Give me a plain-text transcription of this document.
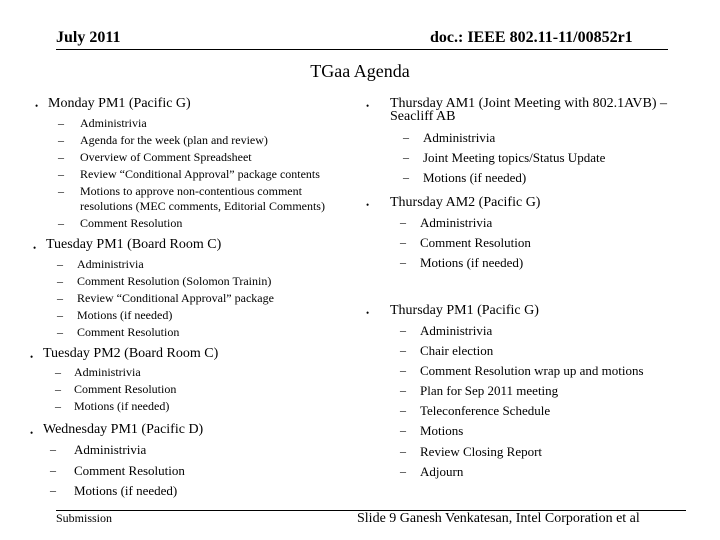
July 2011	doc.: IEEE 802.11-11/00852r1
TGaa Agenda
• Monday PM1 (Pacific G)
– Administrivia
– Agenda for the week (plan and review)
– Overview of Comment Spreadsheet
– Review “Conditional Approval” package contents
– Motions to approve non-contentious comment
resolutions (MEC comments, Editorial Comments)
– Comment Resolution
• Tuesday PM1 (Board Room C)
– Administrivia
– Comment Resolution (Solomon Trainin)
– Review “Conditional Approval” package
– Motions (if needed)
– Comment Resolution
• Tuesday PM2 (Board Room C)
– Administrivia
– Comment Resolution
– Motions (if needed)
• Wednesday PM1 (Pacific D)
– Administrivia
– Comment Resolution
– Motions (if needed)
• Thursday AM1 (Joint Meeting with 802.1AVB) –
Seacliff AB
– Administrivia
– Joint Meeting topics/Status Update
– Motions (if needed)
• Thursday AM2 (Pacific G)
– Administrivia
– Comment Resolution
– Motions (if needed)
• Thursday PM1 (Pacific G)
– Administrivia
– Chair election
– Comment Resolution wrap up and motions
– Plan for Sep 2011 meeting
– Teleconference Schedule
– Motions
– Review Closing Report
– Adjourn
Submission	Slide 9 Ganesh Venkatesan, Intel Corporation et al
